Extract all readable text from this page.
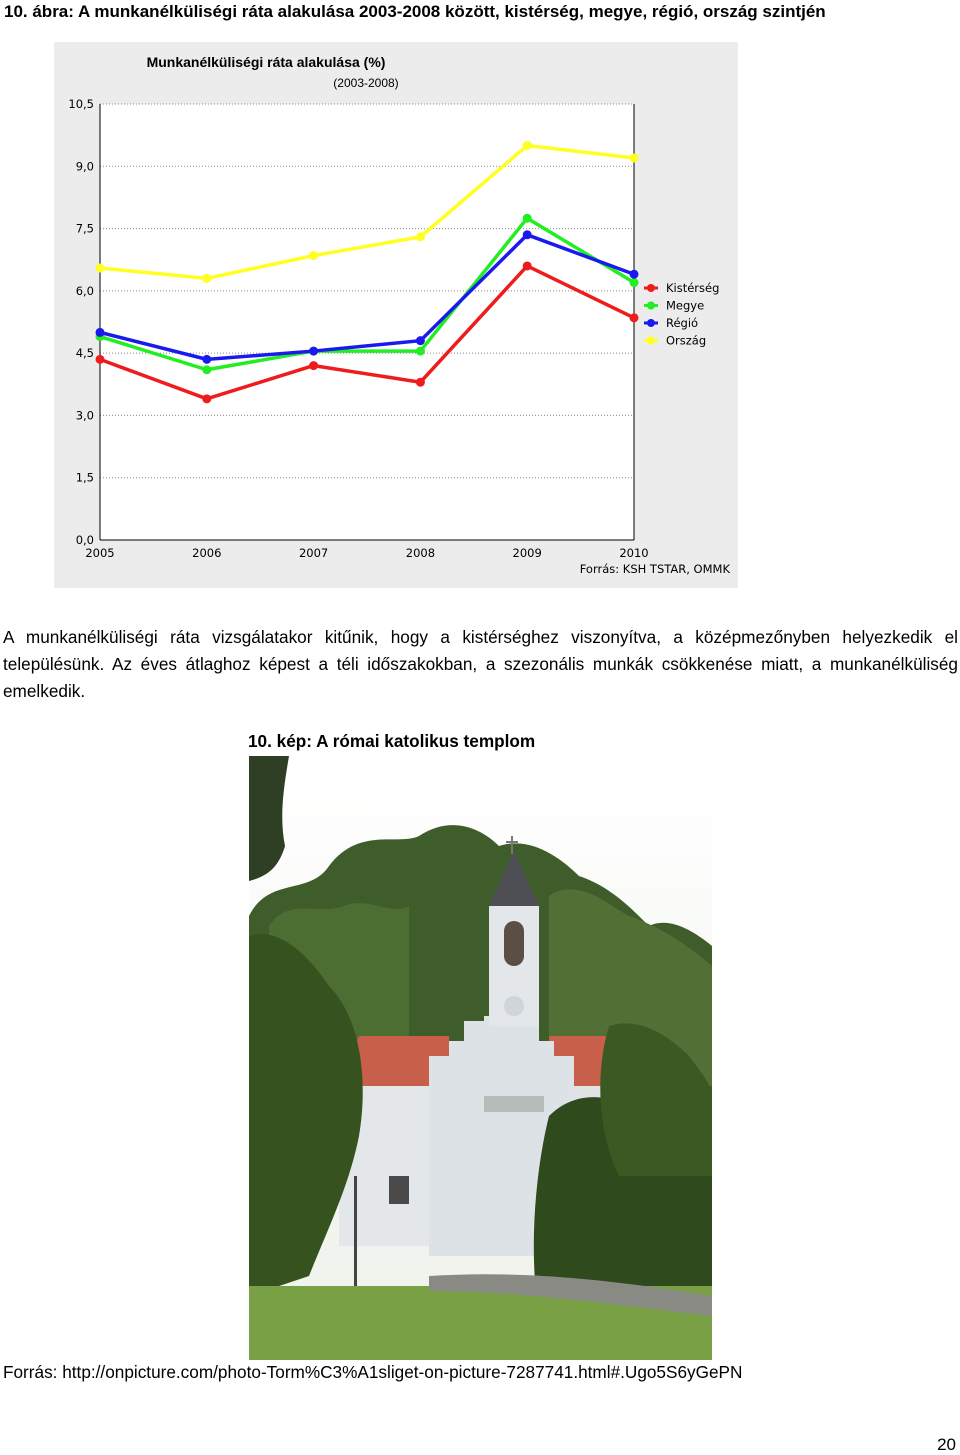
10. ábra: A munkanélküliségi ráta alakulása 2003-2008 között, kistérség, megye, régió, ország szintjén
Munkanélküliségi ráta alakulása (%)
(2003-2008)
0,0
1,5
3,0
4,5
6,0
7,5
9,0
10,5
2005	2006	2007	2008	2009	2010
Kistérség
Megye
Régió
Ország
Forrás: KSH TSTAR, OMMK
A munkanélküliségi ráta vizsgálatakor kitűnik, hogy a kistérséghez viszonyítva, a középmezőnyben helyezkedik el településünk. Az éves átlaghoz képest a téli időszakokban, a szezonális munkák csökkenése miatt, a munkanélküliség emelkedik.
10. kép: A római katolikus templom
Forrás: http://onpicture.com/photo-Torm%C3%A1sliget-on-picture-7287741.html#.Ugo5S6yGePN
20
